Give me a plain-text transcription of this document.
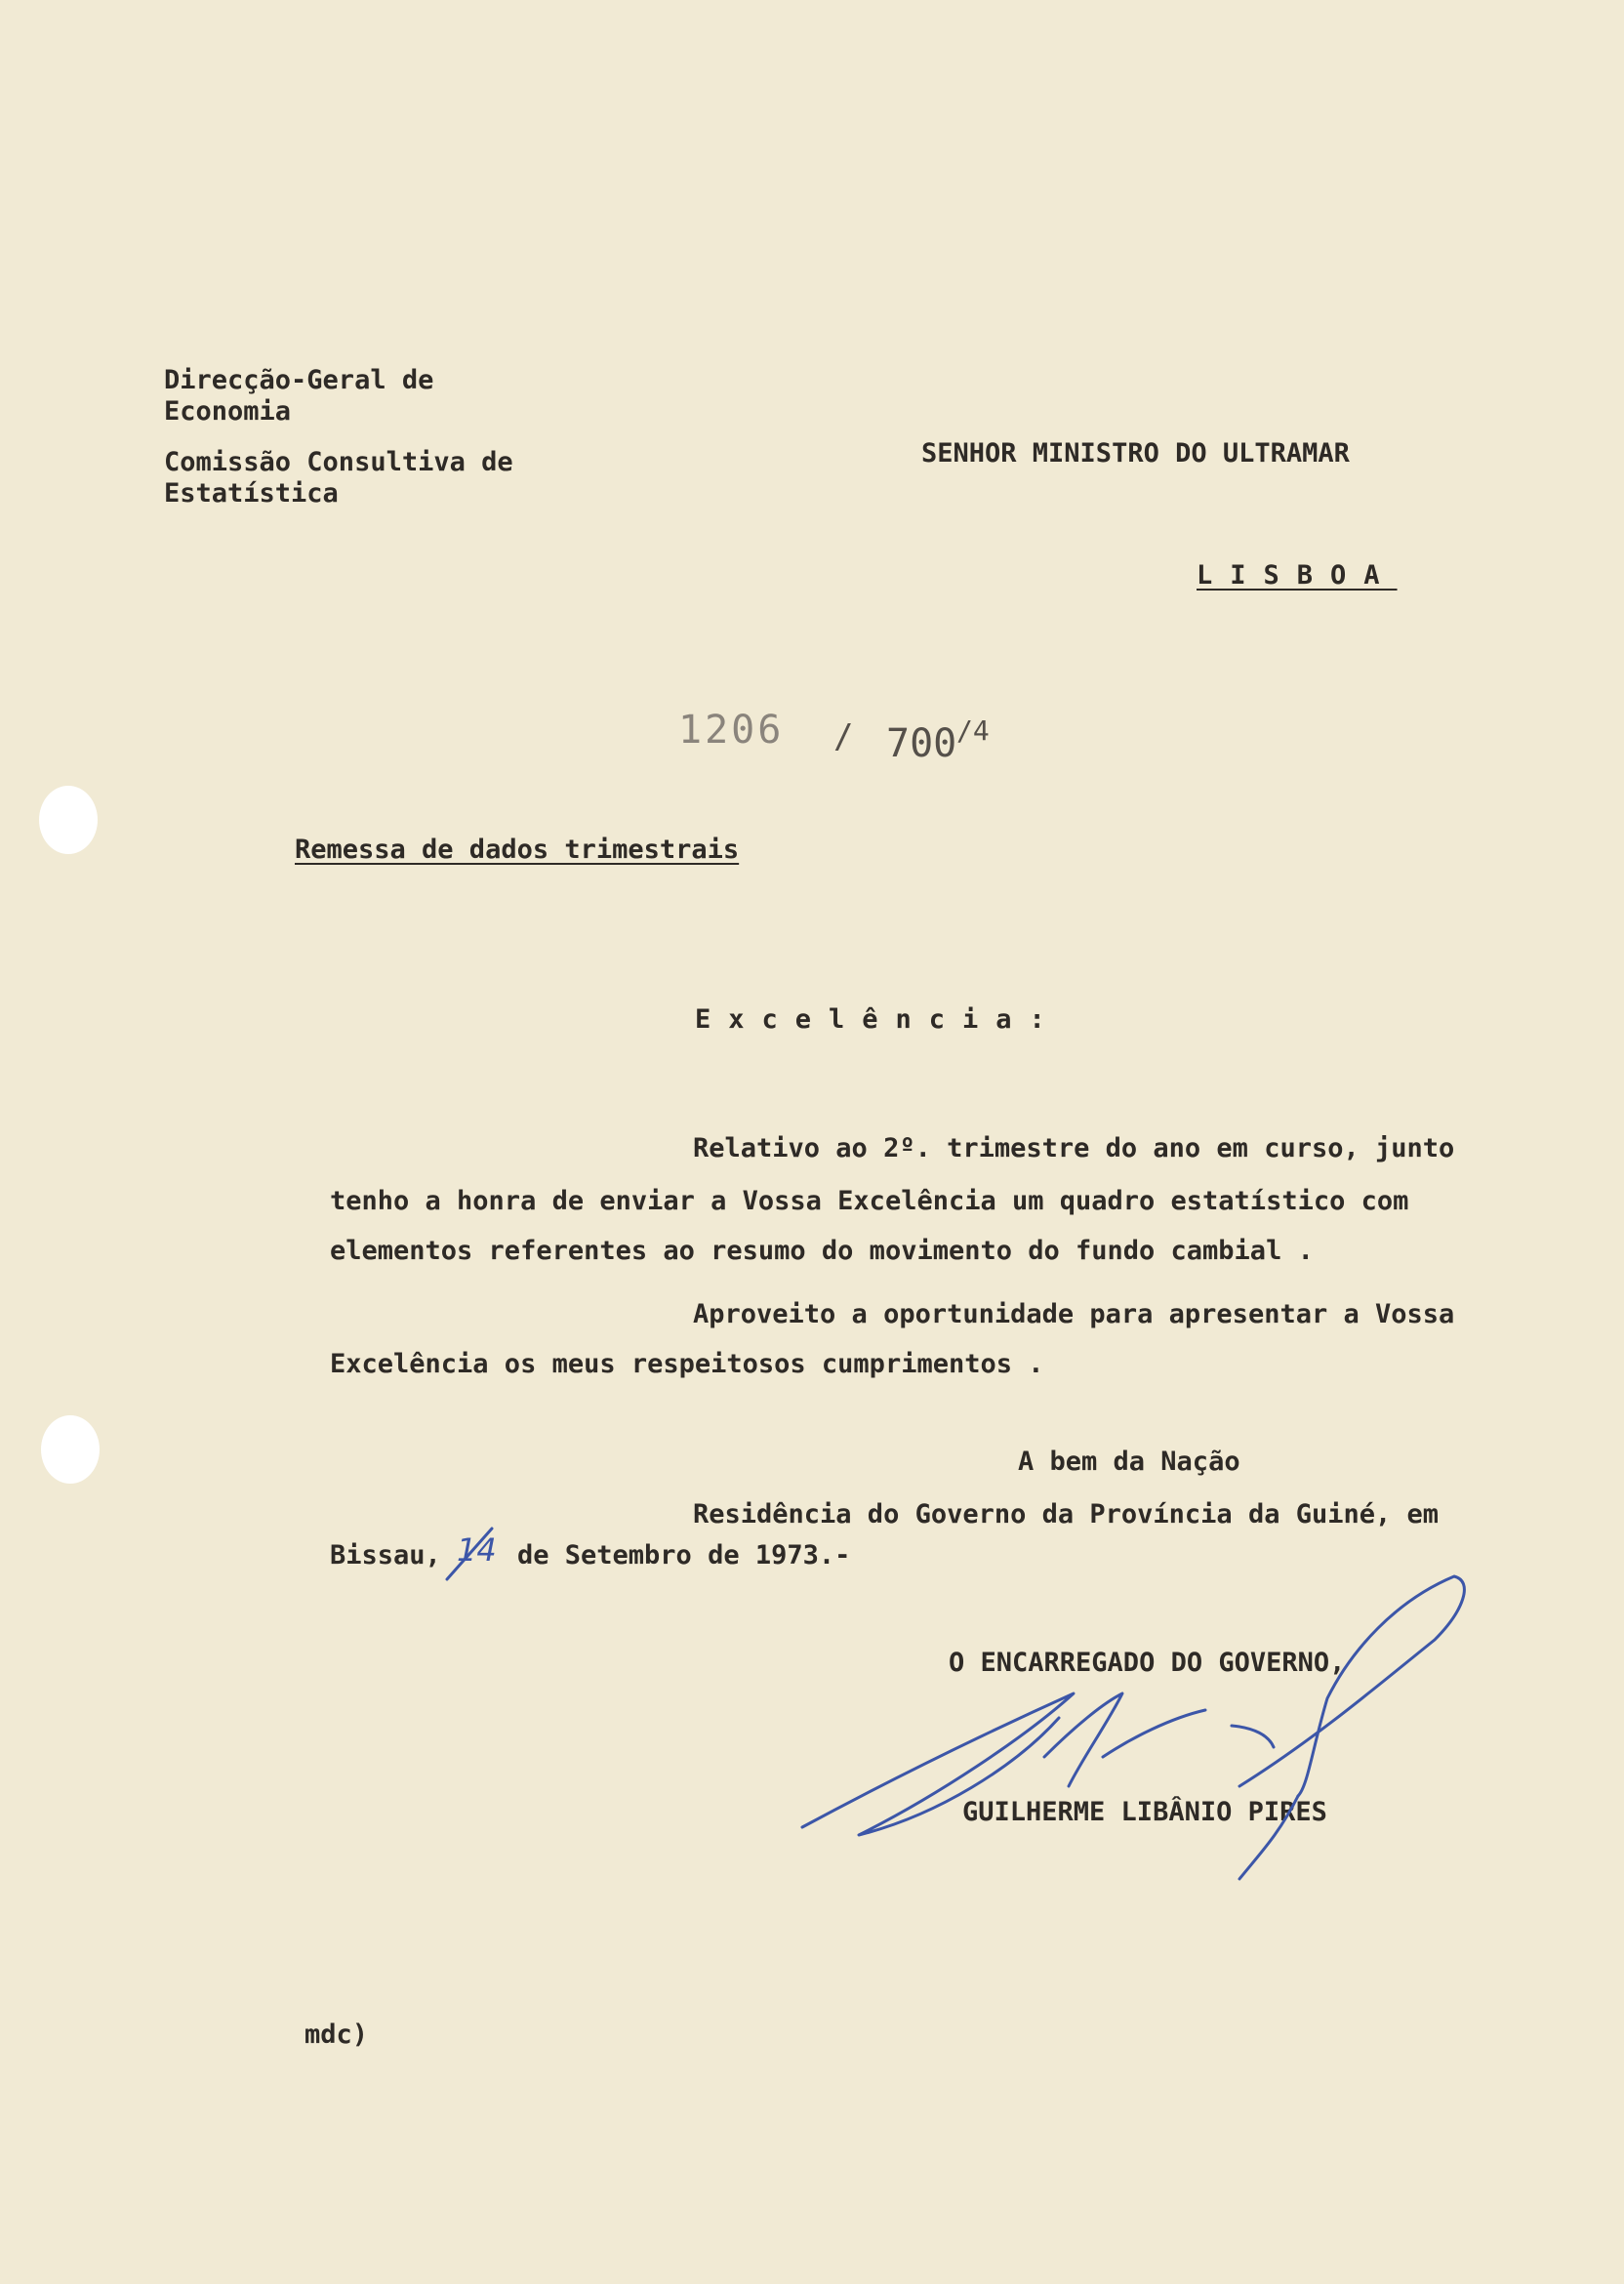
Direcção-Geral de

Economia

Comissão Consultiva de

Estatística

SENHOR MINISTRO DO ULTRAMAR

LISBOA

1206 / 700 /4

Remessa de dados trimestrais

Excelência:

Relativo ao 2º. trimestre do ano em curso, junto

tenho a honra de enviar a Vossa Excelência um quadro estatístico com

elementos referentes ao resumo do movimento do fundo cambial .

Aproveito a oportunidade para apresentar a Vossa

Excelência os meus respeitosos cumprimentos .

A bem da Nação

Residência do Governo da Província da Guiné, em

Bissau, 14 de Setembro de 1973.-

O ENCARREGADO DO GOVERNO,

GUILHERME LIBÂNIO PIRES

mdc)
